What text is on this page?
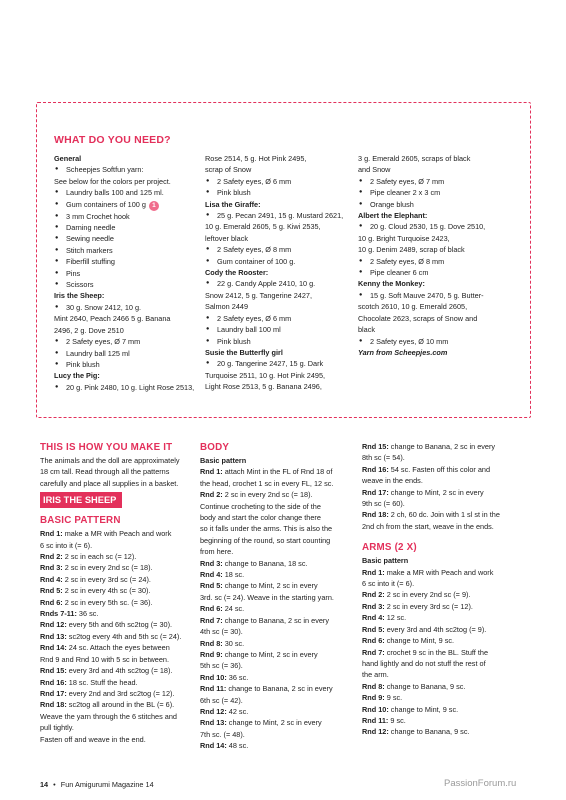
WHAT DO YOU NEED?
General
● Scheepjes Softfun yarn:
See below for the colors per project.
● Laundry balls 100 and 125 ml.
● Gum containers of 100 g 1
● 3 mm Crochet hook
● Darning needle
● Sewing needle
● Stitch markers
● Fiberfill stuffing
● Pins
● Scissors
Iris the Sheep:
● 30 g. Snow 2412, 10 g.
Mint 2640, Peach 2466 5 g. Banana
2496, 2 g. Dove 2510
● 2 Safety eyes, Ø 7 mm
● Laundry ball 125 ml
● Pink blush
Lucy the Pig:
● 20 g. Pink 2480, 10 g. Light Rose 2513,
Rose 2514, 5 g. Hot Pink 2495,
scrap of Snow
● 2 Safety eyes, Ø 6 mm
● Pink blush
Lisa the Giraffe:
● 25 g. Pecan 2491, 15 g. Mustard 2621,
10 g. Emerald 2605, 5 g. Kiwi 2535,
leftover black
● 2 Safety eyes, Ø 8 mm
● Gum container of 100 g.
Cody the Rooster:
● 22 g. Candy Apple 2410, 10 g.
Snow 2412, 5 g. Tangerine 2427,
Salmon 2449
● 2 Safety eyes, Ø 6 mm
● Laundry ball 100 ml
● Pink blush
Susie the Butterfly girl
● 20 g. Tangerine 2427, 15 g. Dark
Turquoise 2511, 10 g. Hot Pink 2495,
Light Rose 2513, 5 g. Banana 2496,
3 g. Emerald 2605, scraps of black
and Snow
● 2 Safety eyes, Ø 7 mm
● Pipe cleaner 2 x 3 cm
● Orange blush
Albert the Elephant:
● 20 g. Cloud 2530, 15 g. Dove 2510,
10 g. Bright Turquoise 2423,
10 g. Denim 2489, scrap of black
● 2 Safety eyes, Ø 8 mm
● Pipe cleaner 6 cm
Kenny the Monkey:
● 15 g. Soft Mauve 2470, 5 g. Butter-
scotch 2610, 10 g. Emerald 2605,
Chocolate 2623, scraps of Snow and
black
● 2 Safety eyes, Ø 10 mm
Yarn from Scheepjes.com
THIS IS HOW YOU MAKE IT
The animals and the doll are approximately
18 cm tall. Read through all the patterns
carefully and place all supplies in a basket.
IRIS THE SHEEP
BASIC PATTERN
Rnd 1: make a MR with Peach and work
6 sc into it (= 6).
Rnd 2: 2 sc in each sc (= 12).
Rnd 3: 2 sc in every 2nd sc (= 18).
Rnd 4: 2 sc in every 3rd sc (= 24).
Rnd 5: 2 sc in every 4th sc (= 30).
Rnd 6: 2 sc in every 5th sc. (= 36).
Rnds 7-11: 36 sc.
Rnd 12: every 5th and 6th sc2tog (= 30).
Rnd 13: sc2tog every 4th and 5th sc (= 24).
Rnd 14: 24 sc. Attach the eyes between
Rnd 9 and Rnd 10 with 5 sc in between.
Rnd 15: every 3rd and 4th sc2tog (= 18).
Rnd 16: 18 sc. Stuff the head.
Rnd 17: every 2nd and 3rd sc2tog (= 12).
Rnd 18: sc2tog all around in the BL (= 6).
Weave the yarn through the 6 stitches and
pull tightly.
Fasten off and weave in the end.
BODY
Basic pattern
Rnd 1: attach Mint in the FL of Rnd 18 of
the head, crochet 1 sc in every FL, 12 sc.
Rnd 2: 2 sc in every 2nd sc (= 18).
Continue crocheting to the side of the
body and start the color change there
so it falls under the arms. This is also the
beginning of the round, so start counting
from here.
Rnd 3: change to Banana, 18 sc.
Rnd 4: 18 sc.
Rnd 5: change to Mint, 2 sc in every
3rd. sc (= 24). Weave in the starting yarn.
Rnd 6: 24 sc.
Rnd 7: change to Banana, 2 sc in every
4th sc (= 30).
Rnd 8: 30 sc.
Rnd 9: change to Mint, 2 sc in every
5th sc (= 36).
Rnd 10: 36 sc.
Rnd 11: change to Banana, 2 sc in every
6th sc (= 42).
Rnd 12: 42 sc.
Rnd 13: change to Mint, 2 sc in every
7th sc. (= 48).
Rnd 14: 48 sc.
Rnd 15: change to Banana, 2 sc in every
8th sc (= 54).
Rnd 16: 54 sc. Fasten off this color and
weave in the ends.
Rnd 17: change to Mint, 2 sc in every
9th sc (= 60).
Rnd 18: 2 ch, 60 dc. Join with 1 sl st in the
2nd ch from the start, weave in the ends.
ARMS (2 X)
Basic pattern
Rnd 1: make a MR with Peach and work
6 sc into it (= 6).
Rnd 2: 2 sc in every 2nd sc (= 9).
Rnd 3: 2 sc in every 3rd sc (= 12).
Rnd 4: 12 sc.
Rnd 5: every 3rd and 4th sc2tog (= 9).
Rnd 6: change to Mint, 9 sc.
Rnd 7: crochet 9 sc in the BL. Stuff the
hand lightly and do not stuff the rest of
the arm.
Rnd 8: change to Banana, 9 sc.
Rnd 9: 9 sc.
Rnd 10: change to Mint, 9 sc.
Rnd 11: 9 sc.
Rnd 12: change to Banana, 9 sc.
14 • Fun Amigurumi Magazine 14	PassionForum.ru
